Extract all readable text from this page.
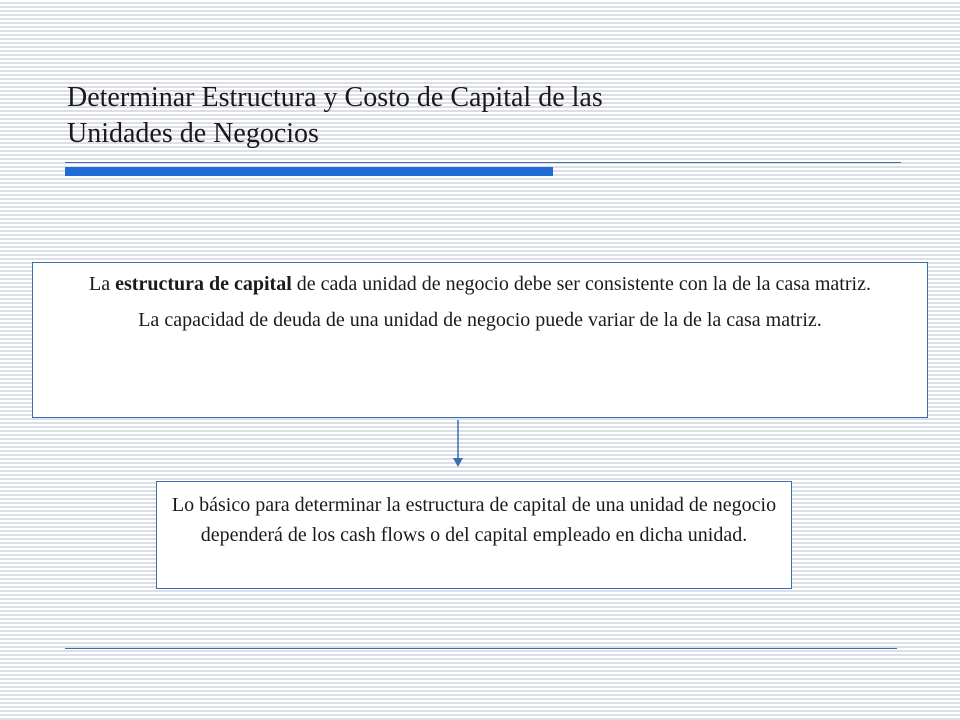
Determinar Estructura y Costo de Capital de las
Unidades de Negocios

La estructura de capital de cada unidad de negocio debe ser consistente con la de la casa matriz.

La capacidad de deuda de una unidad de negocio puede variar de la de la casa matriz.

Lo básico para determinar la estructura de capital de una unidad de negocio dependerá de los cash flows o del capital empleado en dicha unidad.
